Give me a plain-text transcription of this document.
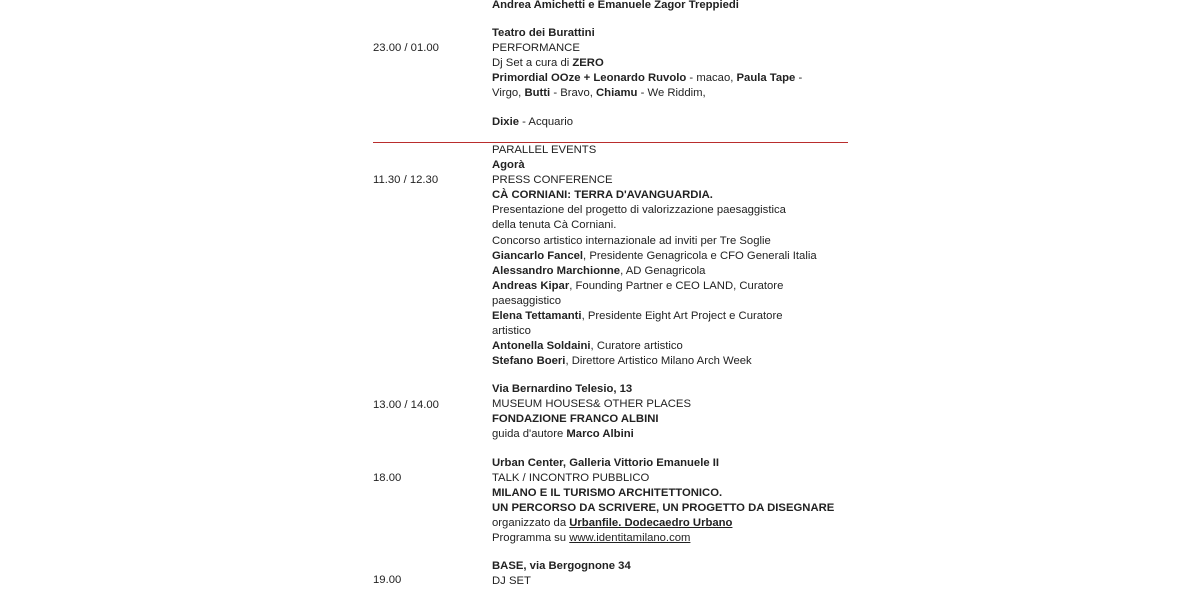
Andrea Amichetti e Emanuele Zagor Treppiedi
Teatro dei Burattini
PERFORMANCE
Dj Set a cura di ZERO
Primordial OOze + Leonardo Ruvolo - macao, Paula Tape -
Virgo, Butti - Bravo, Chiamu - We Riddim,
Dixie - Acquario
23.00 / 01.00
PARALLEL EVENTS
Agorà
PRESS CONFERENCE
CÀ CORNIANI: TERRA D'AVANGUARDIA.
Presentazione del progetto di valorizzazione paesaggistica
della tenuta Cà Corniani.
Concorso artistico internazionale ad inviti per Tre Soglie
Giancarlo Fancel, Presidente Genagricola e CFO Generali Italia
Alessandro Marchionne, AD Genagricola
Andreas Kipar, Founding Partner e CEO LAND, Curatore
paesaggistico
Elena Tettamanti, Presidente Eight Art Project e Curatore
artistico
Antonella Soldaini, Curatore artistico
Stefano Boeri, Direttore Artistico Milano Arch Week
11.30 / 12.30
Via Bernardino Telesio, 13
MUSEUM HOUSES& OTHER PLACES
FONDAZIONE FRANCO ALBINI
guida d'autore Marco Albini
13.00 / 14.00
Urban Center, Galleria Vittorio Emanuele II
TALK / INCONTRO PUBBLICO
MILANO E IL TURISMO ARCHITETTONICO.
UN PERCORSO DA SCRIVERE, UN PROGETTO DA DISEGNARE
organizzato da Urbanfile. Dodecaedro Urbano
Programma su www.identitamilano.com
18.00
BASE, via Bergognone 34
DJ SET
19.00
